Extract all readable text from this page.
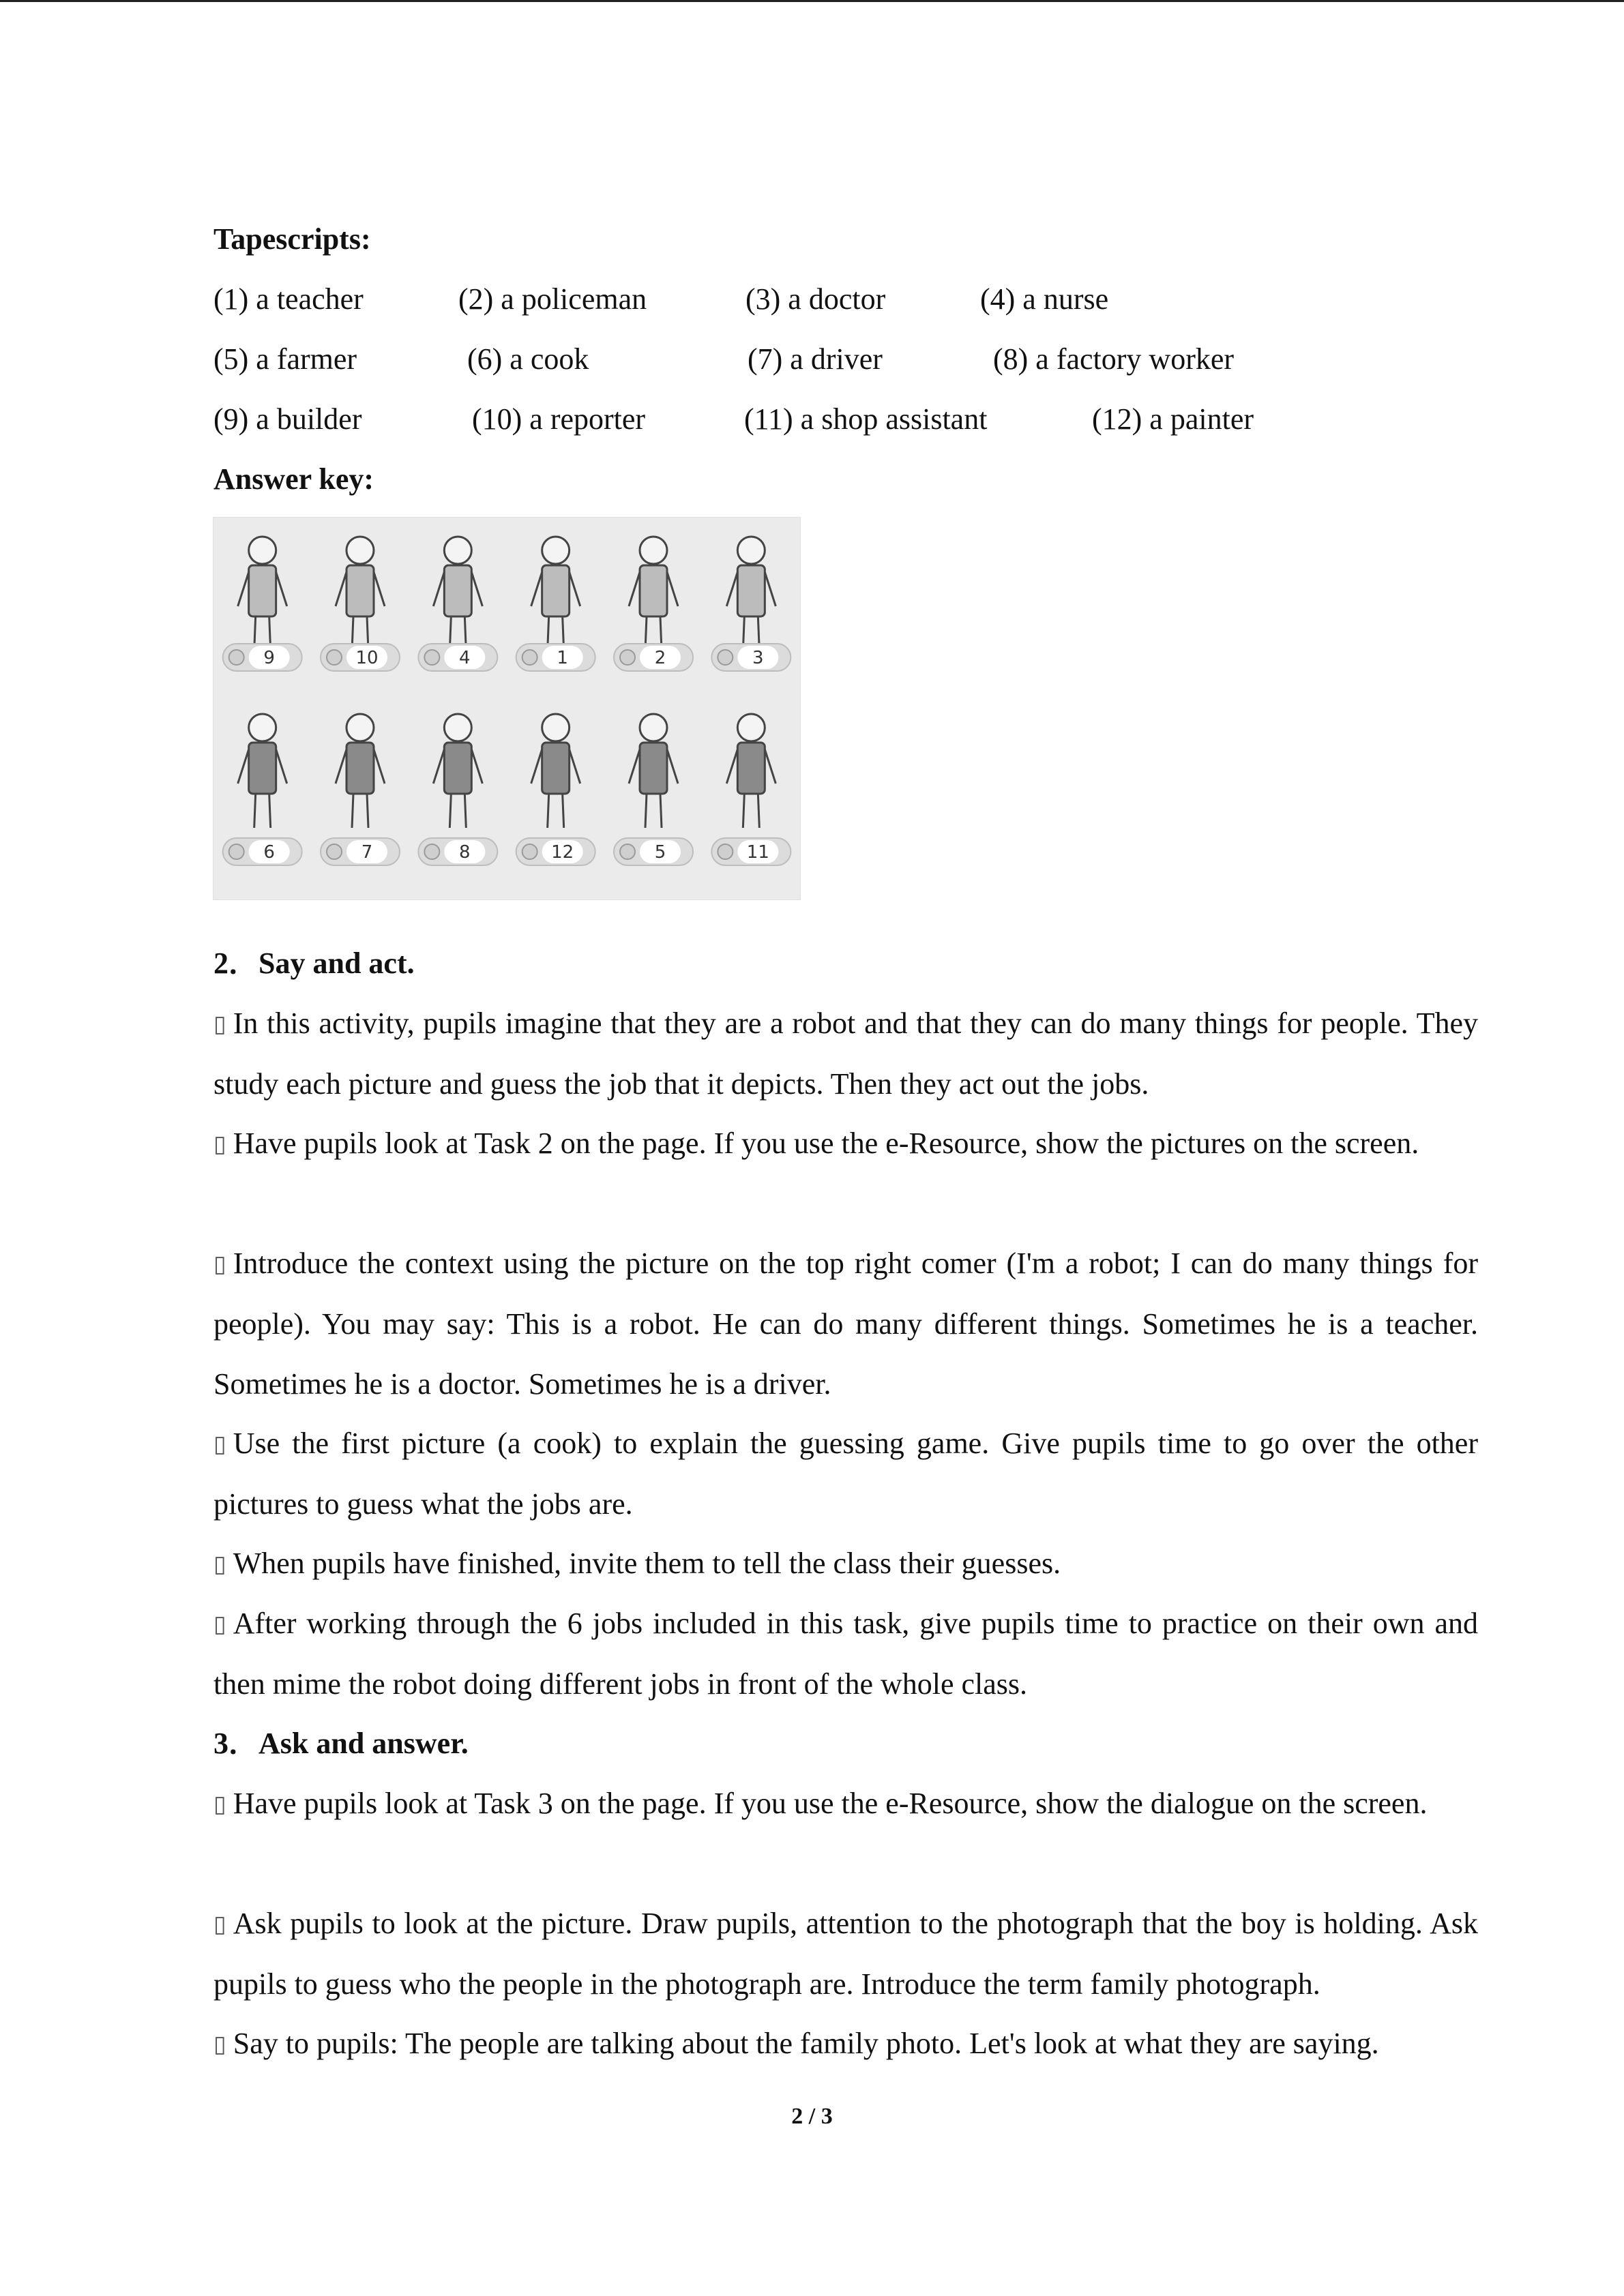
Tapescripts:
(1) a teacher	(2) a policeman	(3) a doctor	(4) a nurse
(5) a farmer	(6) a cook	(7) a driver	(8) a factory worker
(9) a builder	(10) a reporter	(11) a shop assistant	(12) a painter
Answer key:
9	10	4	1	2	3
6	7	8	12	5	11
2．Say and act.
▯ In this activity, pupils imagine that they are a robot and that they can do many things for people. They study each picture and guess the job that it depicts. Then they act out the jobs.
▯ Have pupils look at Task 2 on the page. If you use the e-Resource, show the pictures on the screen.
▯ Introduce the context using the picture on the top right comer (I'm a robot; I can do many things for people). You may say: This is a robot. He can do many different things. Sometimes he is a teacher. Sometimes he is a doctor. Sometimes he is a driver.
▯ Use the first picture (a cook) to explain the guessing game. Give pupils time to go over the other pictures to guess what the jobs are.
▯ When pupils have finished, invite them to tell the class their guesses.
▯ After working through the 6 jobs included in this task, give pupils time to practice on their own and then mime the robot doing different jobs in front of the whole class.
3．Ask and answer.
▯ Have pupils look at Task 3 on the page. If you use the e-Resource, show the dialogue on the screen.
▯ Ask pupils to look at the picture. Draw pupils, attention to the photograph that the boy is holding. Ask pupils to guess who the people in the photograph are. Introduce the term family photograph.
▯ Say to pupils: The people are talking about the family photo. Let's look at what they are saying.
2 / 3
